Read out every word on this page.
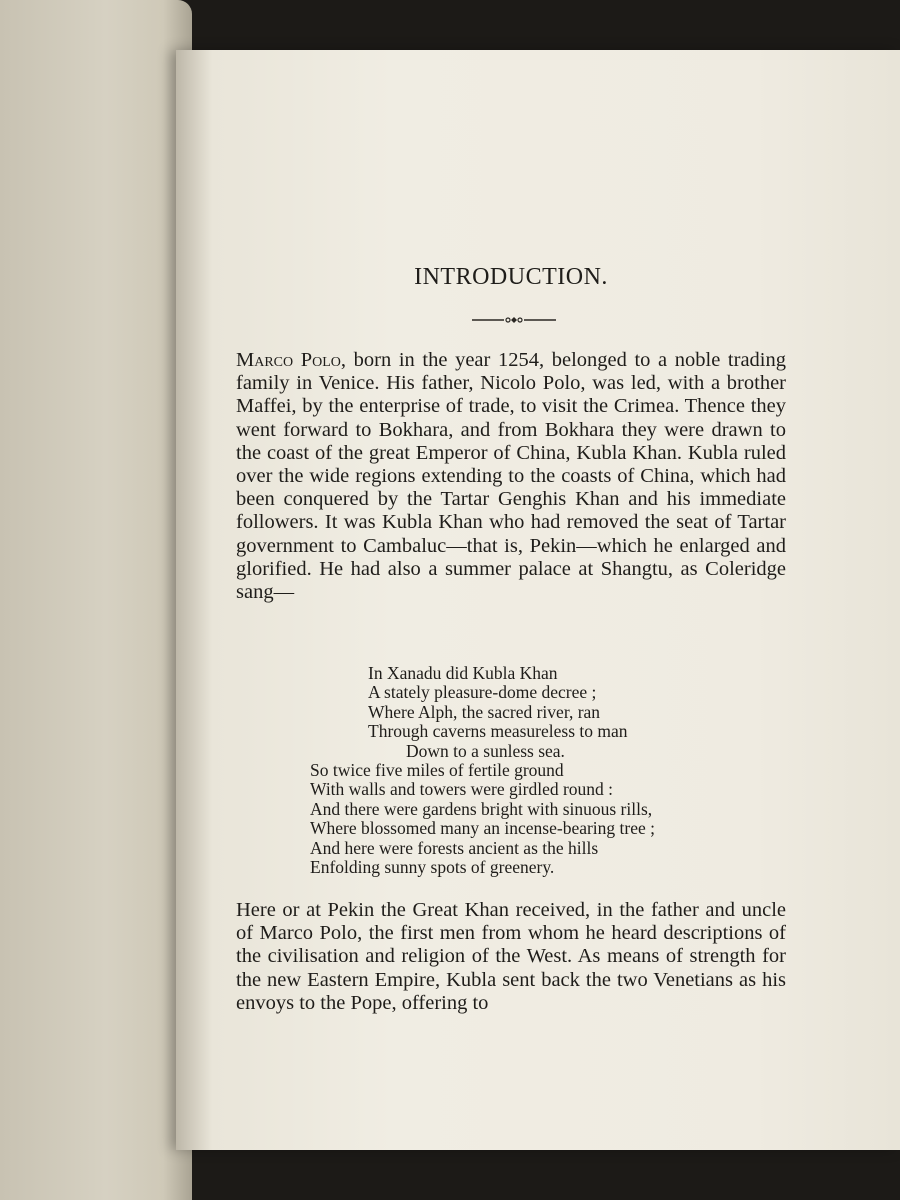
INTRODUCTION.

Marco Polo, born in the year 1254, belonged to a noble trading family in Venice. His father, Nicolo Polo, was led, with a brother Maffei, by the enterprise of trade, to visit the Crimea. Thence they went forward to Bokhara, and from Bokhara they were drawn to the coast of the great Emperor of China, Kubla Khan. Kubla ruled over the wide regions extending to the coasts of China, which had been conquered by the Tartar Genghis Khan and his immediate followers. It was Kubla Khan who had removed the seat of Tartar government to Cambaluc—that is, Pekin—which he enlarged and glorified. He had also a summer palace at Shangtu, as Coleridge sang—

In Xanadu did Kubla Khan
A stately pleasure-dome decree ;
Where Alph, the sacred river, ran
Through caverns measureless to man
Down to a sunless sea.
So twice five miles of fertile ground
With walls and towers were girdled round :
And there were gardens bright with sinuous rills,
Where blossomed many an incense-bearing tree ;
And here were forests ancient as the hills
Enfolding sunny spots of greenery.

Here or at Pekin the Great Khan received, in the father and uncle of Marco Polo, the first men from whom he heard descriptions of the civilisation and religion of the West. As means of strength for the new Eastern Empire, Kubla sent back the two Venetians as his envoys to the Pope, offering to
